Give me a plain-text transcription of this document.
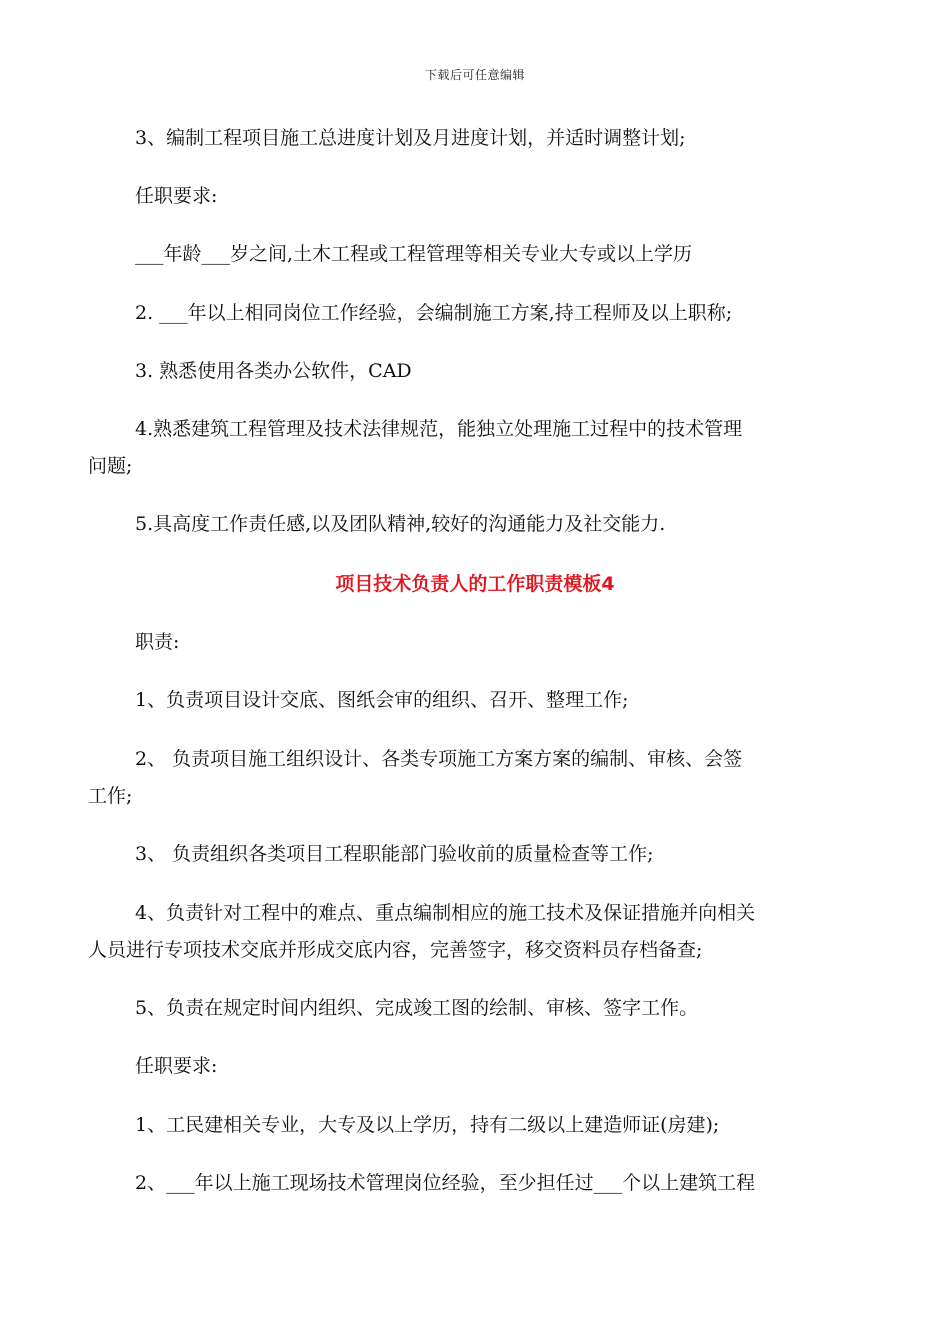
下载后可任意编辑
3、编制工程项目施工总进度计划及月进度计划，并适时调整计划;
任职要求:
___年龄___岁之间,土木工程或工程管理等相关专业大专或以上学历
2. ___年以上相同岗位工作经验，会编制施工方案,持工程师及以上职称;
3. 熟悉使用各类办公软件，CAD
4.熟悉建筑工程管理及技术法律规范，能独立处理施工过程中的技术管理
问题;
5.具高度工作责任感,以及团队精神,较好的沟通能力及社交能力.
项目技术负责人的工作职责模板4
职责:
1、负责项目设计交底、图纸会审的组织、召开、整理工作;
2、 负责项目施工组织设计、各类专项施工方案方案的编制、审核、会签
工作;
3、 负责组织各类项目工程职能部门验收前的质量检查等工作;
4、负责针对工程中的难点、重点编制相应的施工技术及保证措施并向相关
人员进行专项技术交底并形成交底内容，完善签字，移交资料员存档备查;
5、负责在规定时间内组织、完成竣工图的绘制、审核、签字工作。
任职要求:
1、工民建相关专业，大专及以上学历，持有二级以上建造师证(房建);
2、___年以上施工现场技术管理岗位经验，至少担任过___个以上建筑工程
